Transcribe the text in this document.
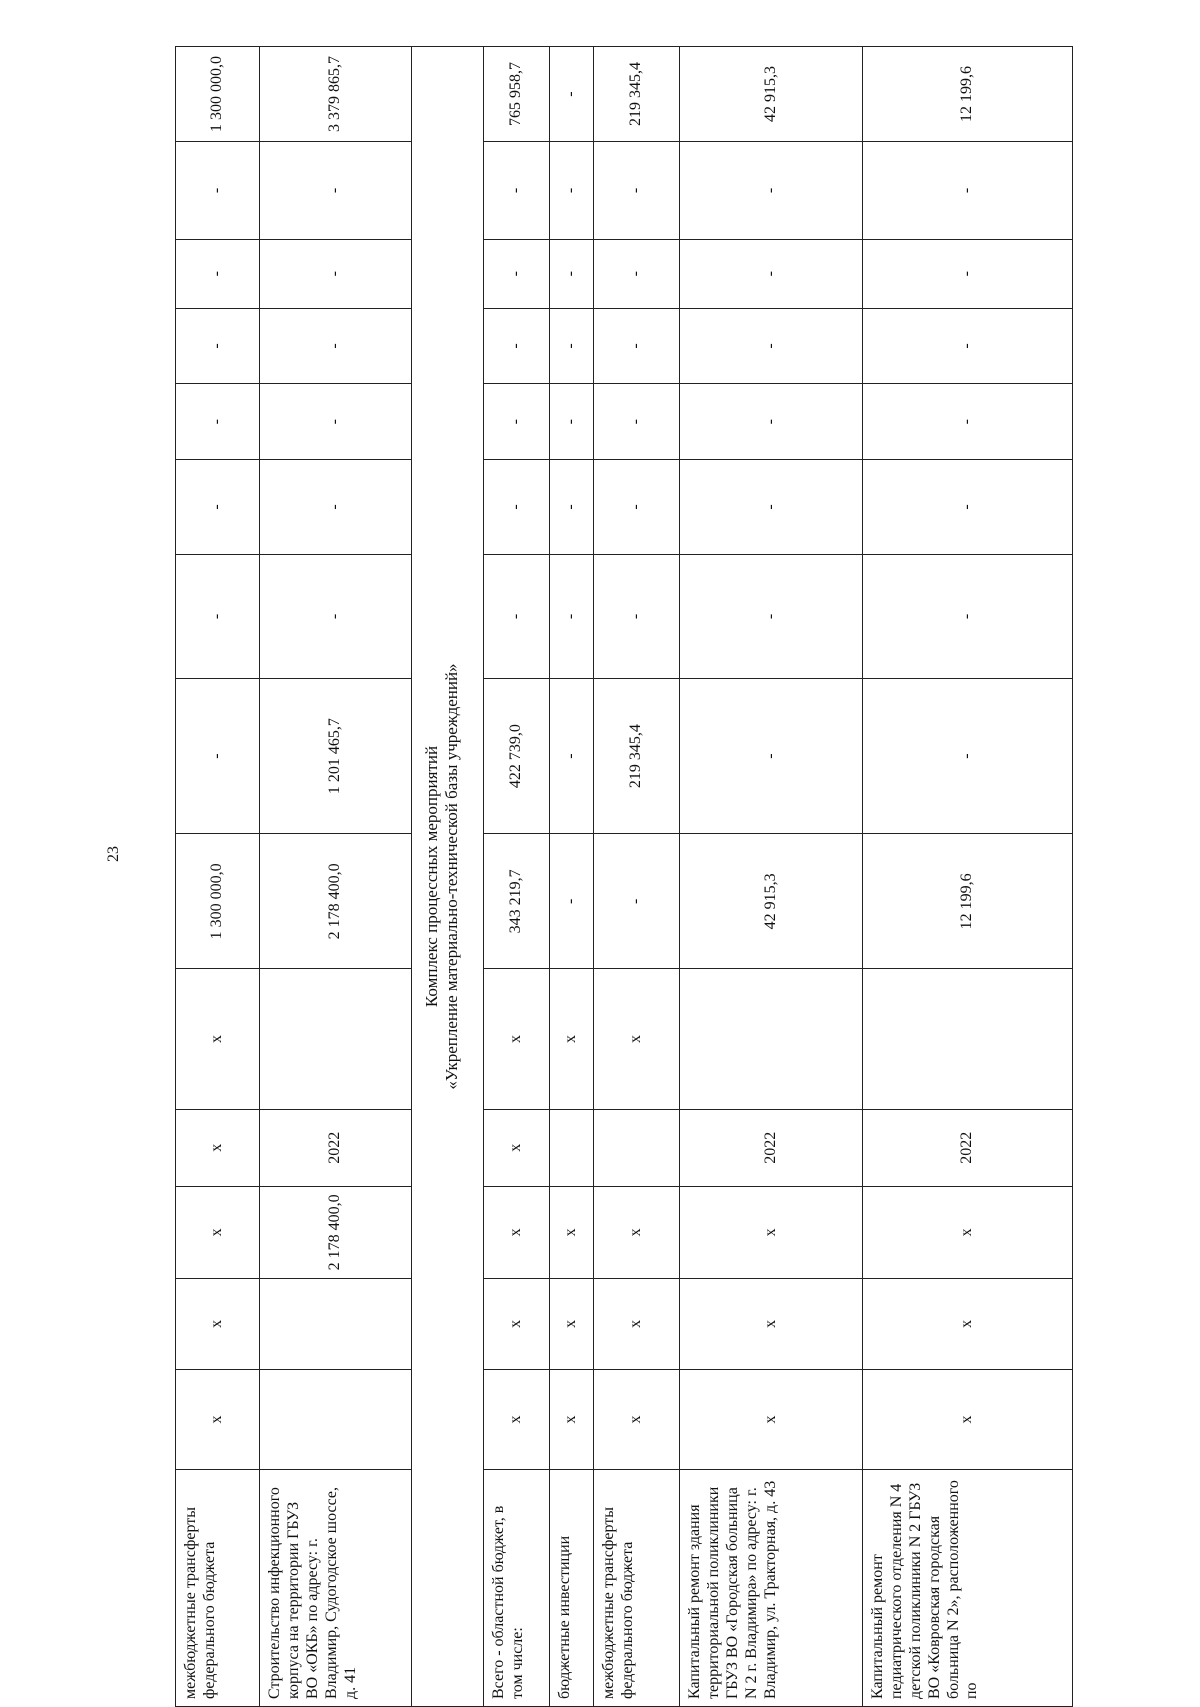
23
межбюджетные трансферты федерального бюджета	x	x	x	x	x	1 300 000,0	-	-	-	-	-	-	-	1 300 000,0
Строительство инфекционного корпуса на территории ГБУЗ ВО «ОКБ» по адресу: г. Владимир, Судогодское шоссе, д. 41			2 178 400,0	2022		2 178 400,0	1 201 465,7	-	-	-	-	-	-	3 379 865,7

Комплекс процессных мероприятий «Укрепление материально-технической базы учреждений»														

Всего - областной бюджет, в том числе:	x	x	x	x	x	343 219,7	422 739,0	-	-	-	-	-	-	765 958,7
бюджетные инвестиции	x	x	x		x	-	-	-	-	-	-	-	-	-
межбюджетные трансферты федерального бюджета	x	x	x		x	-	219 345,4	-	-	-	-	-	-	219 345,4
Капитальный ремонт здания территориальной поликлиники ГБУЗ ВО «Городская больница N 2 г. Владимира» по адресу: г. Владимир, ул. Тракторная, д. 43	x	x	x	2022		42 915,3	-	-	-	-	-	-	-	42 915,3
Капитальный ремонт педиатрического отделения N 4 детской поликлиники N 2 ГБУЗ ВО «Ковровская городская больница N 2», расположенного по	x	x	x	2022		12 199,6	-	-	-	-	-	-	-	12 199,6
